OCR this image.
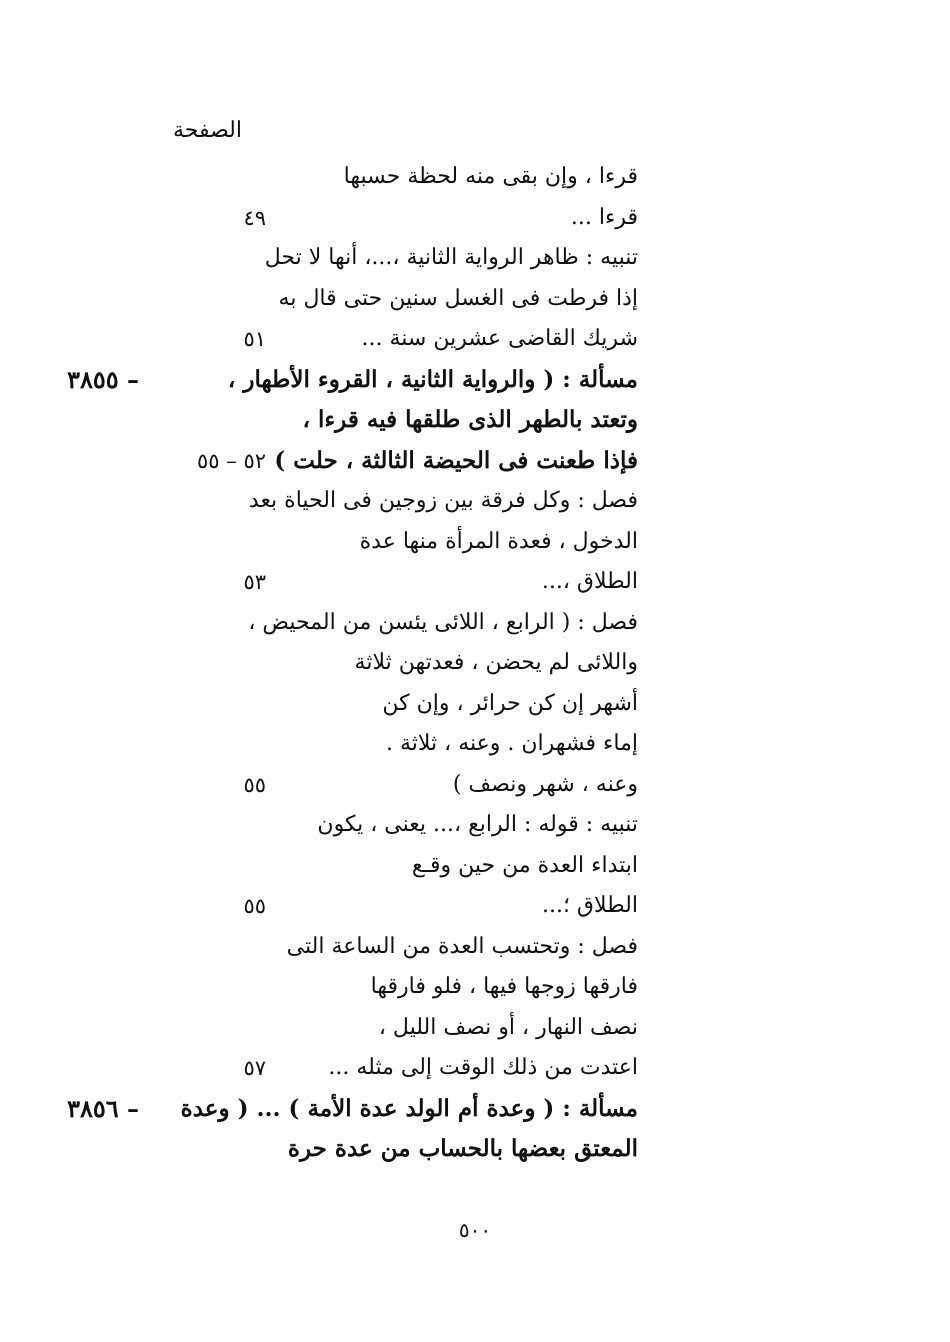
الصفحة
قرءا ، وإن بقى منه لحظة حسبها
قرءا ...
٤٩
تنبيه : ظاهر الرواية الثانية ،...، أنها لا تحل
إذا فرطت فى الغسل سنين حتى قال به
شريك القاضى عشرين سنة ...
٥١
٣٨٥٥ –	مسألة : ( والرواية الثانية ، القروء الأطهار ،
وتعتد بالطهر الذى طلقها فيه قرءا ،
فإذا طعنت فى الحيضة الثالثة ، حلت )
٥٢ – ٥٥
فصل : وكل فرقة بين زوجين فى الحياة بعد
الدخول ، فعدة المرأة منها عدة
الطلاق ،...
٥٣
فصل : ( الرابع ، اللائى يئسن من المحيض ،
واللائى لم يحضن ، فعدتهن ثلاثة
أشهر إن كن حرائر ، وإن كن
إماء فشهران . وعنه ، ثلاثة .
وعنه ، شهر ونصف )
٥٥
تنبيه : قوله : الرابع ،... يعنى ، يكون
ابتداء العدة من حين وقـع
الطلاق ؛...
٥٥
فصل : وتحتسب العدة من الساعة التى
فارقها زوجها فيها ، فلو فارقها
نصف النهار ، أو نصف الليل ،
اعتدت من ذلك الوقت إلى مثله ...
٥٧
٣٨٥٦ – مسألة : ( وعدة أم الولد عدة الأمة ) ... ( وعدة
المعتق بعضها بالحساب من عدة حرة
٥٠٠
